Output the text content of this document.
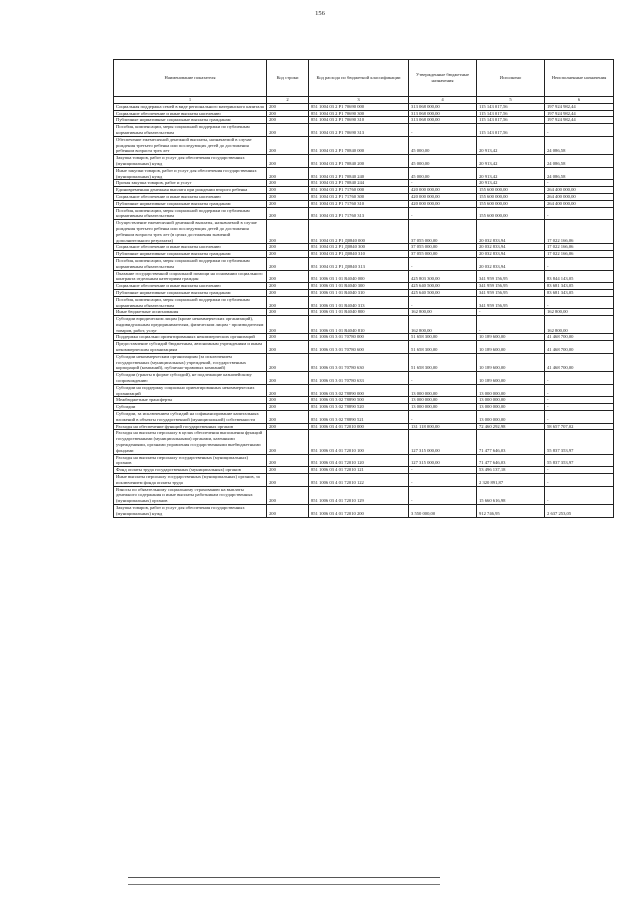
156
Наименование показателя	Код строки	Код расхода по бюджетной классификации	Утвержденные бюджетные назначения	Исполнено	Неисполненные назначения
1	2	3	4	5	6
Социальная поддержка семей в виде регионального материнского капитала	200	851 1004 03 2 P1 70690 000	313 068 000,00	115 143 017,56	197 924 982,44
Социальное обеспечение и иные выплаты населению	200	851 1004 03 2 P1 70690 300	313 068 000,00	115 143 017,56	197 924 982,44
Публичные нормативные социальные выплаты гражданам	200	851 1004 03 2 P1 70690 310	313 068 000,00	115 143 017,56	197 924 982,44
Пособия, компенсации, меры социальной поддержки по публичным нормативным обязательствам	200	851 1004 03 2 P1 70690 313	-	115 143 017,56	-
Обеспечение ежемесячной денежной выплаты, назначаемой в случае рождения третьего ребенка или последующих детей до достижения ребенком возраста трех лет	200	851 1004 03 2 P1 70840 000	45 000,00	20 913,42	24 086,58
Закупка товаров, работ и услуг для обеспечения государственных (муниципальных) нужд	200	851 1004 03 2 P1 70840 200	45 000,00	20 913,42	24 086,58
Иные закупки товаров, работ и услуг для обеспечения государственных (муниципальных) нужд	200	851 1004 03 2 P1 70840 240	45 000,00	20 913,42	24 086,58
Прочая закупка товаров, работ и услуг	200	851 1004 03 2 P1 70840 244	-	20 913,42	-
Единовременная денежная выплата при рождении второго ребенка	200	851 1004 03 2 P1 71760 000	420 000 000,00	155 600 000,00	264 400 000,00
Социальное обеспечение и иные выплаты населению	200	851 1004 03 2 P1 71760 300	420 000 000,00	155 600 000,00	264 400 000,00
Публичные нормативные социальные выплаты гражданам	200	851 1004 03 2 P1 71760 310	420 000 000,00	155 600 000,00	264 400 000,00
Пособия, компенсации, меры социальной поддержки по публичным нормативным обязательствам	200	851 1004 03 2 P1 71760 313	-	155 600 000,00	-
Осуществление ежемесячной денежной выплаты, назначаемой в случае рождения третьего ребенка или последующих детей до достижения ребенком возраста трех лет (в целях достижения значений дополнительного результата)	200	851 1004 03 2 P1 Д0840 000	37 055 000,00	20 032 833,94	17 022 166,06
Социальное обеспечение и иные выплаты населению	200	851 1004 03 2 P1 Д0840 300	37 055 000,00	20 032 833,94	17 022 166,06
Публичные нормативные социальные выплаты гражданам	200	851 1004 03 2 P1 Д0840 310	37 055 000,00	20 032 833,94	17 022 166,06
Пособия, компенсации, меры социальной поддержки по публичным нормативным обязательствам	200	851 1004 03 2 P1 Д0840 313	-	20 032 833,94	-
Оказание государственной социальной помощи на основании социального контракта отдельным категориям граждан	200	851 1006 03 1 01 R4040 000	425 803 300,00	341 959 156,95	83 844 143,05
Социальное обеспечение и иные выплаты населению	200	851 1006 03 1 01 R4040 300	425 640 500,00	341 959 156,95	83 681 343,05
Публичные нормативные социальные выплаты гражданам	200	851 1006 03 1 01 R4040 310	425 640 500,00	341 959 156,95	83 681 343,05
Пособия, компенсации, меры социальной поддержки по публичным нормативным обязательствам	200	851 1006 03 1 01 R4040 313	-	341 959 156,95	-
Иные бюджетные ассигнования	200	851 1006 03 1 01 R4040 800	162 800,00	-	162 800,00
Субсидии юридическим лицам (кроме некоммерческих организаций), индивидуальным предпринимателям, физическим лицам - производителям товаров, работ, услуг	200	851 1006 03 1 01 R4040 810	162 800,00	-	162 800,00
Поддержка социально ориентированных некоммерческих организаций	200	851 1006 03 3 01 70780 000	51 658 300,00	10 189 600,00	41 468 700,00
Предоставление субсидий бюджетным, автономным учреждениям и иным некоммерческим организациям	200	851 1006 03 3 01 70780 600	51 658 300,00	10 189 600,00	41 468 700,00
Субсидии некоммерческим организациям (за исключением государственных (муниципальных) учреждений, государственных корпораций (компаний), публично-правовых компаний)	200	851 1006 03 3 01 70780 630	51 658 300,00	10 189 600,00	41 468 700,00
Субсидии (гранты в форме субсидий), не подлежащие казначейскому сопровождению	200	851 1006 03 3 01 70780 633	-	10 189 600,00	-
Субсидии на поддержку социально ориентированных некоммерческих организаций	200	851 1006 03 3 02 78890 000	13 000 000,00	13 000 000,00	-
Межбюджетные трансферты	200	851 1006 03 3 02 78890 500	13 000 000,00	13 000 000,00	-
Субсидии	200	851 1006 03 3 02 78890 520	13 000 000,00	13 000 000,00	-
Субсидии, за исключением субсидий на софинансирование капитальных вложений в объекты государственной (муниципальной) собственности	200	851 1006 03 3 02 78890 521	-	13 000 000,00	-
Расходы на обеспечение функций государственных органов	200	851 1006 03 4 01 72010 000	131 118 000,00	72 460 292,98	58 657 707,02
Расходы на выплаты персоналу в целях обеспечения выполнения функций государственными (муниципальными) органами, казенными учреждениями, органами управления государственными внебюджетными фондами	200	851 1006 03 4 01 72010 100	127 315 000,00	71 477 646,03	55 837 353,97
Расходы на выплаты персоналу государственных (муниципальных) органов	200	851 1006 03 4 01 72010 120	127 315 000,00	71 477 646,03	55 837 353,97
Фонд оплаты труда государственных (муниципальных) органов	200	851 1006 03 4 01 72010 121	-	53 496 137,18	-
Иные выплаты персоналу государственных (муниципальных) органов, за исключением фонда оплаты труда	200	851 1006 03 4 01 72010 122	-	2 320 891,87	-
Взносы по обязательному социальному страхованию на выплаты денежного содержания и иные выплаты работникам государственных (муниципальных) органов	200	851 1006 03 4 01 72010 129	-	15 660 616,98	-
Закупка товаров, работ и услуг для обеспечения государственных (муниципальных) нужд	200	851 1006 03 4 01 72010 200	3 550 000,00	912 746,95	2 637 253,05
